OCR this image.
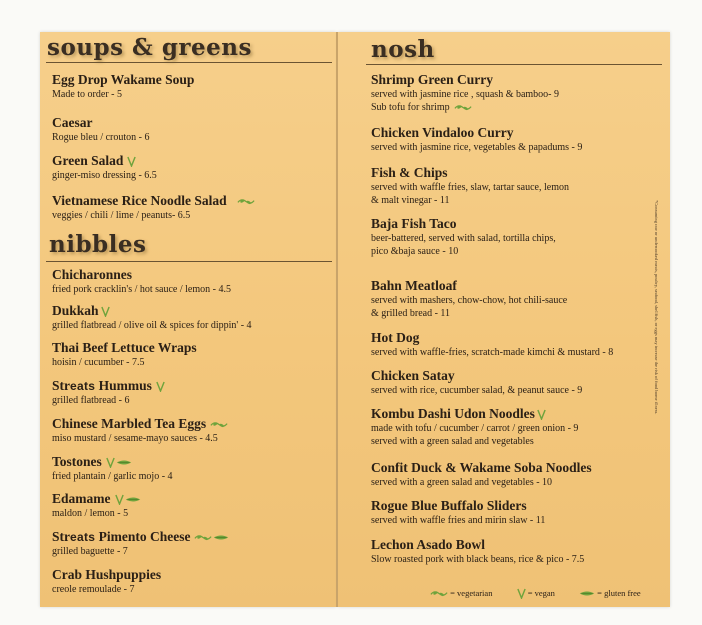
soups & greens
Egg Drop Wakame Soup
Made to order - 5
Caesar
Rogue bleu / crouton - 6
Green Salad
ginger-miso dressing - 6.5
Vietnamese Rice Noodle Salad
veggies / chili / lime / peanuts- 6.5
nibbles
Chicharonnes
fried pork cracklin's / hot sauce / lemon - 4.5
Dukkah
grilled flatbread / olive oil & spices for dippin' - 4
Thai Beef Lettuce Wraps
hoisin / cucumber - 7.5
Streats Hummus
grilled flatbread - 6
Chinese Marbled Tea Eggs
miso mustard / sesame-mayo sauces - 4.5
Tostones
fried plantain / garlic mojo - 4
Edamame
maldon / lemon - 5
Streats Pimento Cheese
grilled baguette - 7
Crab Hushpuppies
creole remoulade - 7
nosh
Shrimp Green Curry
served with jasmine rice , squash & bamboo- 9
Sub tofu for shrimp
Chicken Vindaloo Curry
served with jasmine rice, vegetables & papadums - 9
Fish & Chips
served with waffle fries, slaw, tartar sauce, lemon
& malt vinegar - 11
Baja Fish Taco
beer-battered, served with salad, tortilla chips,
pico &baja sauce - 10
Bahn Meatloaf
served with mashers, chow-chow, hot chili-sauce
& grilled bread - 11
Hot Dog
served with waffle-fries, scratch-made kimchi & mustard - 8
Chicken Satay
served with rice, cucumber salad, & peanut sauce - 9
Kombu Dashi Udon Noodles
made with tofu / cucumber / carrot / green onion - 9
served with a green salad and vegetables
Confit Duck & Wakame Soba Noodles
served with a green salad and vegetables - 10
Rogue Blue Buffalo Sliders
served with waffle fries and mirin slaw - 11
Lechon Asado Bowl
Slow roasted pork with black beans, rice & pico - 7.5
*Consuming raw or undercooked meats, poultry, seafood, shellfish, or eggs may increase the risk of food borne illness.
= vegetarian	= vegan	= gluten free
